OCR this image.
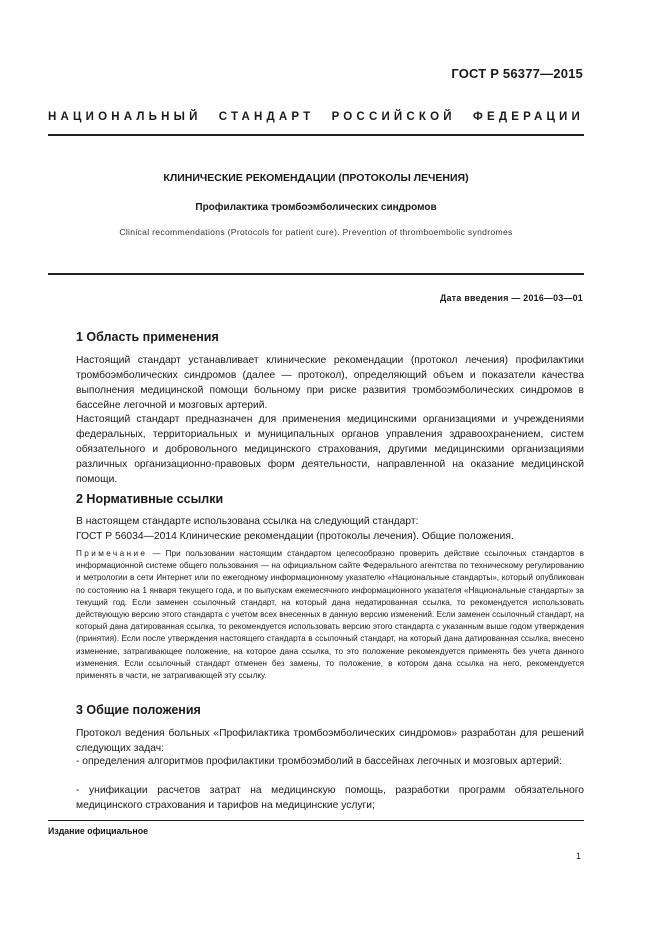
ГОСТ Р 56377—2015
НАЦИОНАЛЬНЫЙ СТАНДАРТ РОССИЙСКОЙ ФЕДЕРАЦИИ
КЛИНИЧЕСКИЕ РЕКОМЕНДАЦИИ (ПРОТОКОЛЫ ЛЕЧЕНИЯ)
Профилактика тромбоэмболических синдромов
Clinical recommendations (Protocols for patient cure). Prevention of thromboembolic syndromes
Дата введения — 2016—03—01
1 Область применения

Настоящий стандарт устанавливает клинические рекомендации (протокол лечения) профилактики тромбоэмболических синдромов (далее — протокол), определяющий объем и показатели качества выполнения медицинской помощи больному при риске развития тромбоэмболических синдромов в бассейне легочной и мозговых артерий.

Настоящий стандарт предназначен для применения медицинскими организациями и учреждениями федеральных, территориальных и муниципальных органов управления здравоохранением, систем обязательного и добровольного медицинского страхования, другими медицинскими организациями различных организационно-правовых форм деятельности, направленной на оказание медицинской помощи.

2 Нормативные ссылки

В настоящем стандарте использована ссылка на следующий стандарт:

ГОСТ Р 56034—2014 Клинические рекомендации (протоколы лечения). Общие положения.

Примечание — При пользовании настоящим стандартом целесообразно проверить действие ссылочных стандартов в информационной системе общего пользования — на официальном сайте Федерального агентства по техническому регулированию и метрологии в сети Интернет или по ежегодному информационному указателю «Национальные стандарты», который опубликован по состоянию на 1 января текущего года, и по выпускам ежемесячного информационного указателя «Национальные стандарты» за текущий год. Если заменен ссылочный стандарт, на который дана недатированная ссылка, то рекомендуется использовать действующую версию этого стандарта с учетом всех внесенных в данную версию изменений. Если заменен ссылочный стандарт, на который дана датированная ссылка, то рекомендуется использовать версию этого стандарта с указанным выше годом утверждения (принятия). Если после утверждения настоящего стандарта в ссылочный стандарт, на который дана датированная ссылка, внесено изменение, затрагивающее положение, на которое дана ссылка, то это положение рекомендуется применять без учета данного изменения. Если ссылочный стандарт отменен без замены, то положение, в котором дана ссылка на него, рекомендуется применять в части, не затрагивающей эту ссылку.

3 Общие положения

Протокол ведения больных «Профилактика тромбоэмболических синдромов» разработан для решений следующих задач:

- определения алгоритмов профилактики тромбоэмболий в бассейнах легочных и мозговых артерий:

- унификации расчетов затрат на медицинскую помощь, разработки программ обязательного медицинского страхования и тарифов на медицинские услуги;

Издание официальное
1
